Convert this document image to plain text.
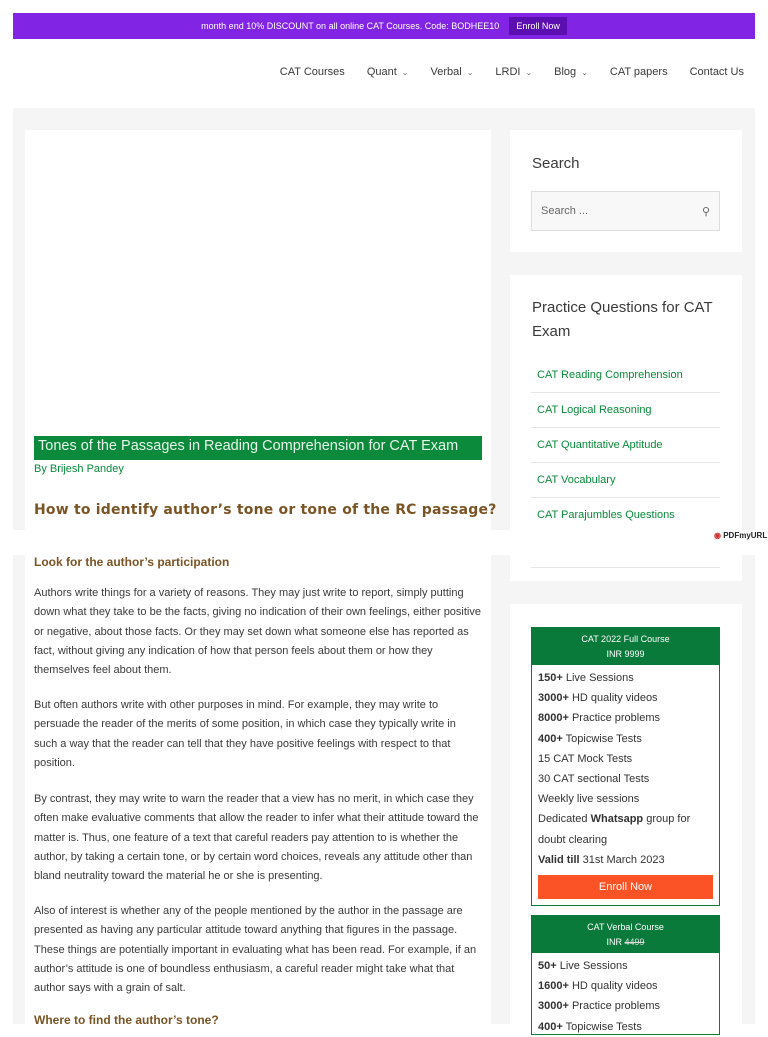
month end 10% DISCOUNT on all online CAT Courses. Code: BODHEE10	Enroll Now
CAT Courses Quant ⌄ Verbal ⌄ LRDI ⌄ Blog ⌄ CAT papers Contact Us
Search
Search ...	⚲
Practice Questions for CAT Exam
CAT Reading Comprehension
CAT Logical Reasoning
CAT Quantitative Aptitude
CAT Vocabulary
CAT Parajumbles Questions
◉ PDFmyURL
Tones of the Passages in Reading Comprehension for CAT Exam
By Brijesh Pandey
How to identify author’s tone or tone of the RC passage?
Look for the author’s participation

Authors write things for a variety of reasons. They may just write to report, simply putting down what they take to be the facts, giving no indication of their own feelings, either positive or negative, about those facts. Or they may set down what someone else has reported as fact, without giving any indication of how that person feels about them or how they themselves feel about them.

But often authors write with other purposes in mind. For example, they may write to persuade the reader of the merits of some position, in which case they typically write in such a way that the reader can tell that they have positive feelings with respect to that position.

By contrast, they may write to warn the reader that a view has no merit, in which case they often make evaluative comments that allow the reader to infer what their attitude toward the matter is. Thus, one feature of a text that careful readers pay attention to is whether the author, by taking a certain tone, or by certain word choices, reveals any attitude other than bland neutrality toward the material he or she is presenting.

Also of interest is whether any of the people mentioned by the author in the passage are presented as having any particular attitude toward anything that figures in the passage. These things are potentially important in evaluating what has been read. For example, if an author’s attitude is one of boundless enthusiasm, a careful reader might take what that author says with a grain of salt.

Where to find the author’s tone?
CAT 2022 Full Course
INR 9999
150+ Live Sessions
3000+ HD quality videos
8000+ Practice problems
400+ Topicwise Tests
15 CAT Mock Tests
30 CAT sectional Tests
Weekly live sessions
Dedicated Whatsapp group for doubt clearing
Valid till 31st March 2023
Enroll Now
CAT Verbal Course
INR 4499
50+ Live Sessions
1600+ HD quality videos
3000+ Practice problems
400+ Topicwise Tests
